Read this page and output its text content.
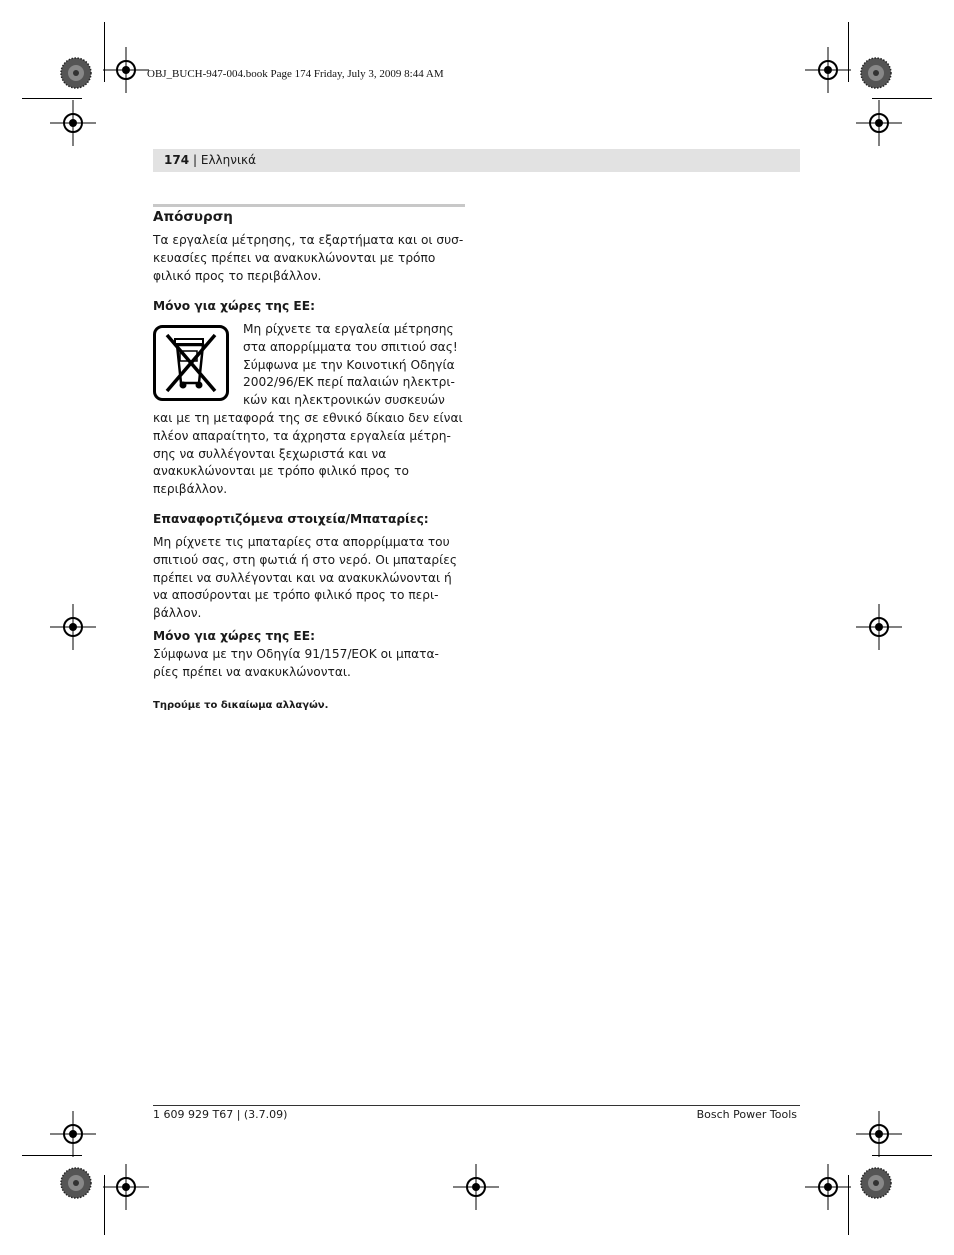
OBJ_BUCH-947-004.book Page 174 Friday, July 3, 2009 8:44 AM
174 | Ελληνικά
Απόσυρση

Τα εργαλεία μέτρησης, τα εξαρτήματα και οι συσ-

κευασίες πρέπει να ανακυκλώνονται με τρόπο

φιλικό προς το περιβάλλον.

Μόνο για χώρες της ΕΕ:

Μη ρίχνετε τα εργαλεία μέτρησης

στα απορρίμματα του σπιτιού σας!

Σύμφωνα με την Κοινοτική Οδηγία

2002/96/ΕΚ περί παλαιών ηλεκτρι-

κών και ηλεκτρονικών συσκευών

και με τη μεταφορά της σε εθνικό δίκαιο δεν είναι

πλέον απαραίτητο, τα άχρηστα εργαλεία μέτρη-

σης να συλλέγονται ξεχωριστά και να

ανακυκλώνονται με τρόπο φιλικό προς το

περιβάλλον.

Επαναφορτιζόμενα στοιχεία/Μπαταρίες:

Μη ρίχνετε τις μπαταρίες στα απορρίμματα του

σπιτιού σας, στη φωτιά ή στο νερό. Οι μπαταρίες

πρέπει να συλλέγονται και να ανακυκλώνονται ή

να αποσύρονται με τρόπο φιλικό προς το περι-

βάλλον.

Μόνο για χώρες της ΕΕ:

Σύμφωνα με την Οδηγία 91/157/ΕΟΚ οι μπατα-

ρίες πρέπει να ανακυκλώνονται.

Τηρούμε το δικαίωμα αλλαγών.
1 609 929 T67 | (3.7.09)	Bosch Power Tools
